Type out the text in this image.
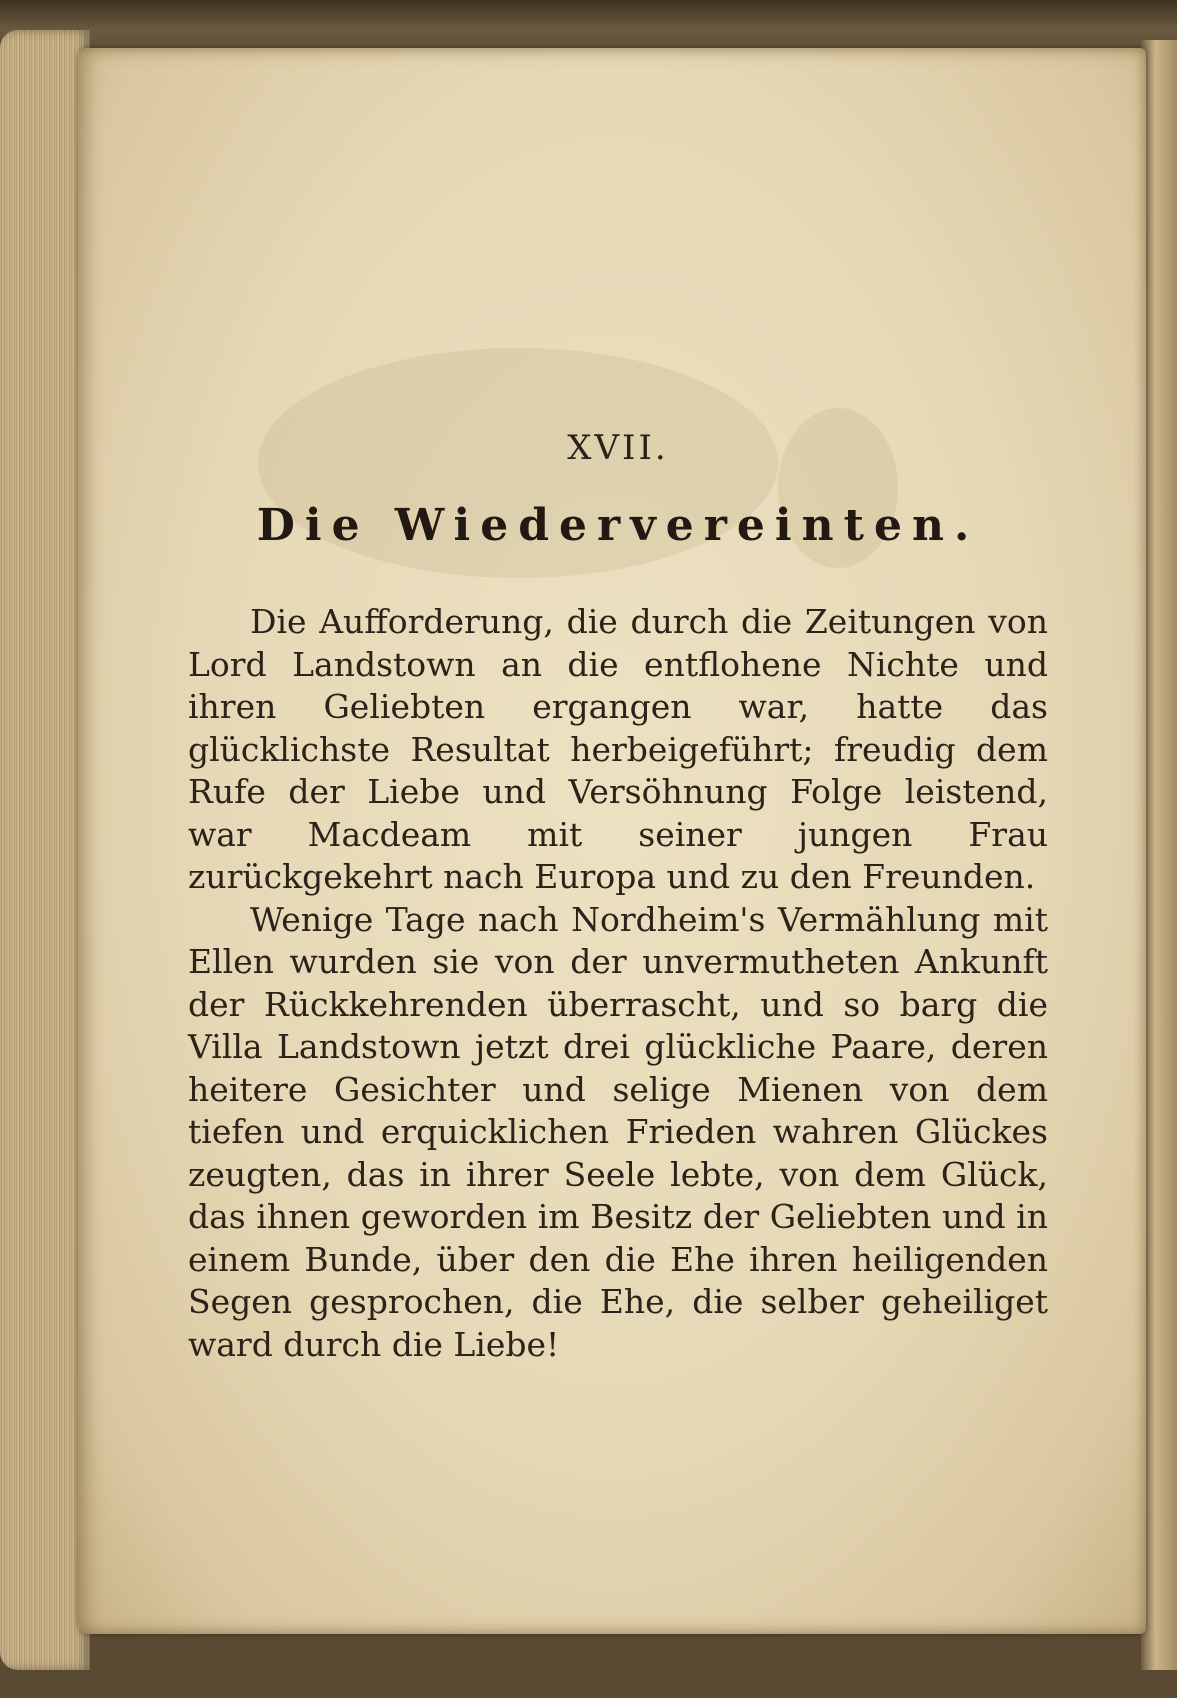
XVII.
Die Wiedervereinten.

Die Aufforderung, die durch die Zeitungen von Lord Landstown an die entflohene Nichte und ihren Geliebten ergangen war, hatte das glücklichste Resultat herbeigeführt; freudig dem Rufe der Liebe und Versöhnung Folge leistend, war Macdeam mit seiner jungen Frau zurückgekehrt nach Europa und zu den Freunden.

Wenige Tage nach Nordheim's Vermählung mit Ellen wurden sie von der unvermutheten Ankunft der Rückkehrenden überrascht, und so barg die Villa Landstown jetzt drei glückliche Paare, deren heitere Gesichter und selige Mienen von dem tiefen und erquicklichen Frieden wahren Glückes zeugten, das in ihrer Seele lebte, von dem Glück, das ihnen geworden im Besitz der Geliebten und in einem Bunde, über den die Ehe ihren heiligenden Segen gesprochen, die Ehe, die selber geheiliget ward durch die Liebe!
